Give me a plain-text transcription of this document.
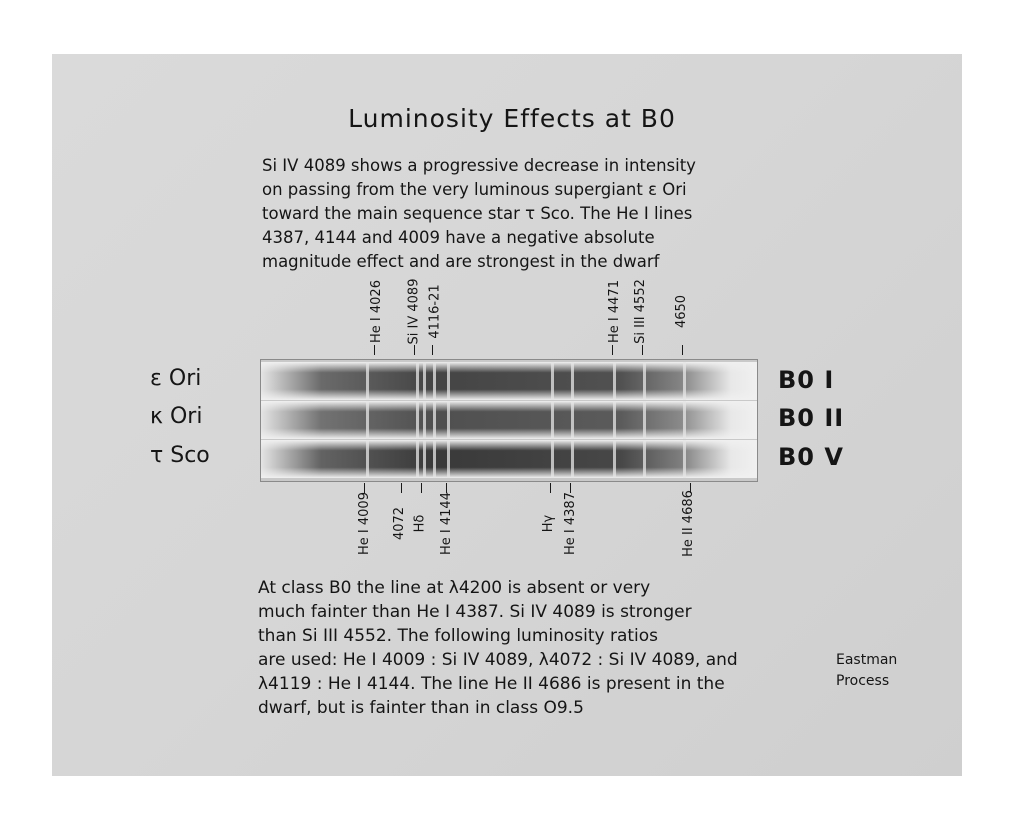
Luminosity Effects at B0
Si IV 4089 shows a progressive decrease in intensity
on passing from the very luminous supergiant ε Ori
toward the main sequence star τ Sco. The He I lines
4387, 4144 and 4009 have a negative absolute
magnitude effect and are strongest in the dwarf
ε Ori
κ Ori
τ Sco
B0 I
B0 II
B0 V
He I 4026 Si IV 4089 4116-21	He I 4471 Si III 4552 4650
He I 4009 4072 Hδ He I 4144	Hγ He I 4387	He II 4686
At class B0 the line at λ4200 is absent or very
much fainter than He I 4387. Si IV 4089 is stronger
than Si III 4552. The following luminosity ratios
are used: He I 4009 : Si IV 4089, λ4072 : Si IV 4089, and
λ4119 : He I 4144. The line He II 4686 is present in the
dwarf, but is fainter than in class O9.5
Eastman
Process
